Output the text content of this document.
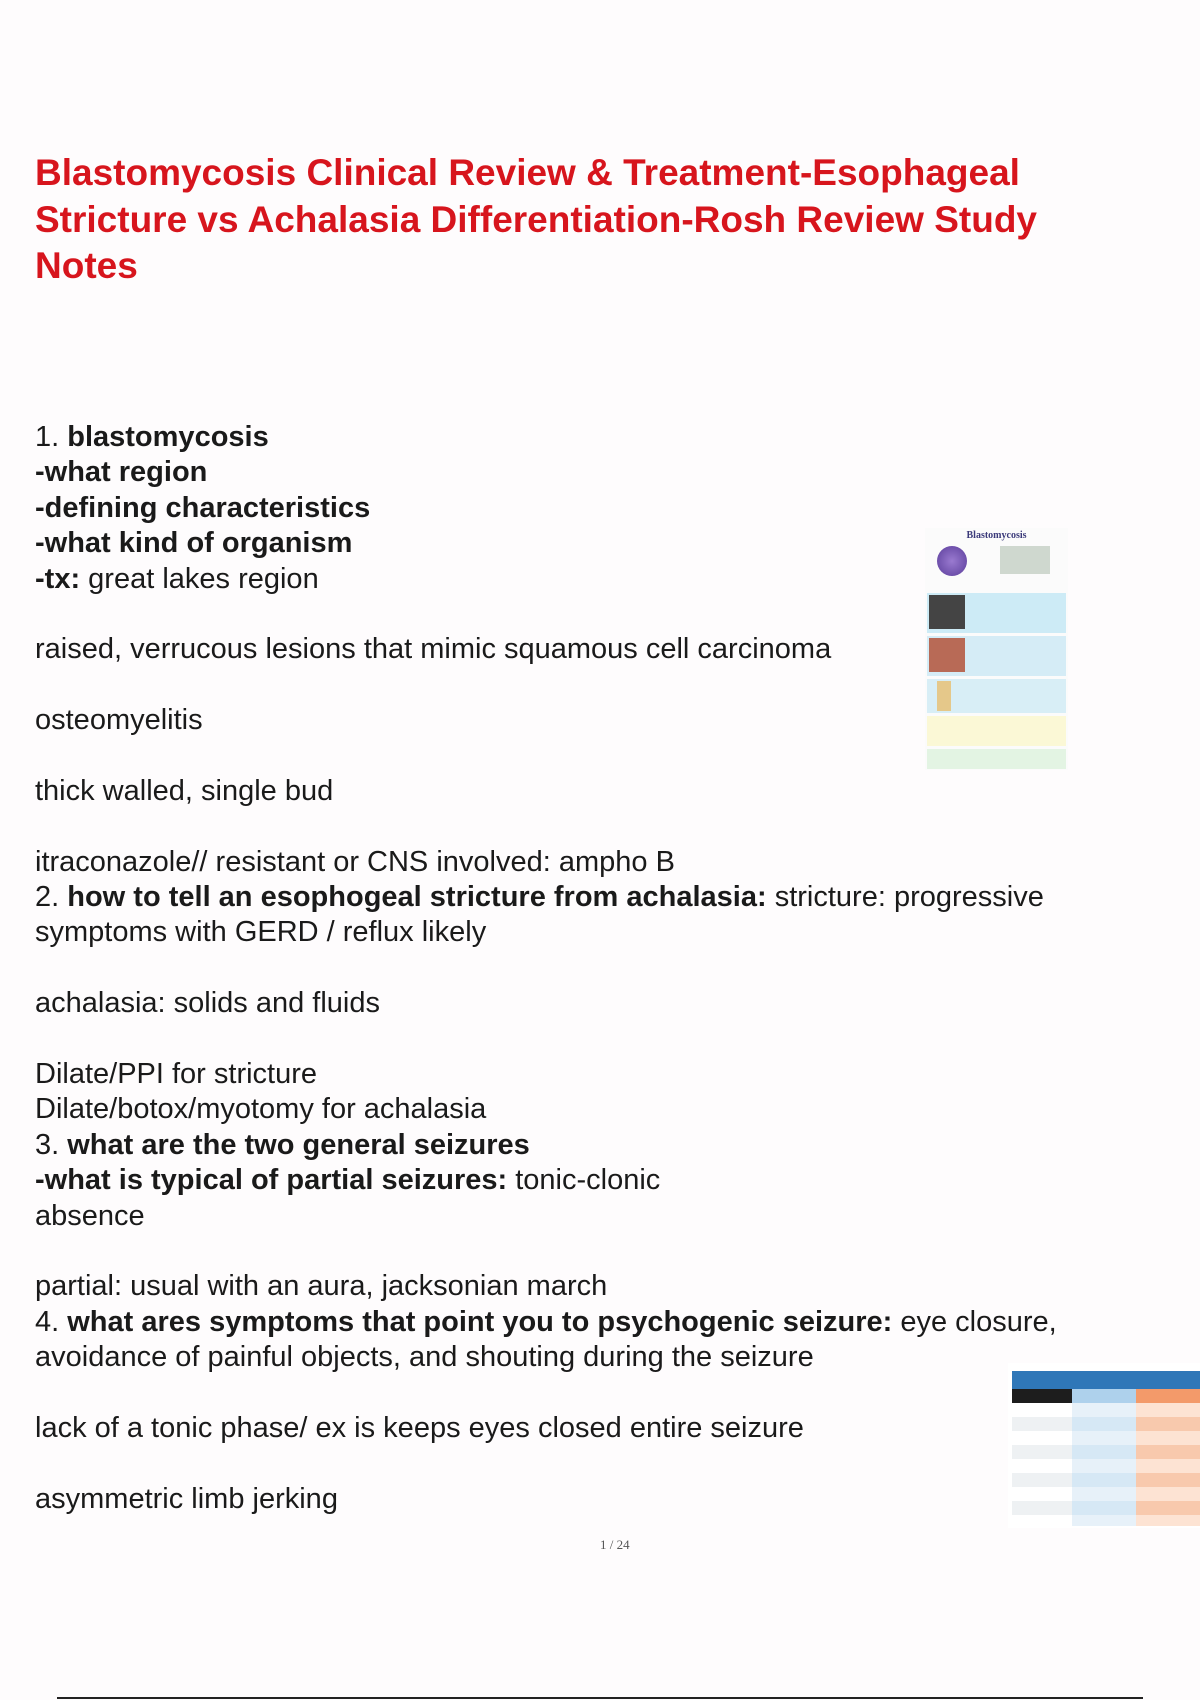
Blastomycosis Clinical Review & Treatment-Esophageal
Stricture vs Achalasia Differentiation-Rosh Review Study
Notes
1. blastomycosis
-what region
-defining characteristics
-what kind of organism
-tx: great lakes region
raised, verrucous lesions that mimic squamous cell carcinoma
osteomyelitis
thick walled, single bud
itraconazole// resistant or CNS involved: ampho B
2. how to tell an esophogeal stricture from achalasia: stricture: progressive
symptoms with GERD / reflux likely
achalasia: solids and fluids
Dilate/PPI for stricture
Dilate/botox/myotomy for achalasia
3. what are the two general seizures
-what is typical of partial seizures: tonic-clonic
absence
partial: usual with an aura, jacksonian march
4. what ares symptoms that point you to psychogenic seizure: eye closure,
avoidance of painful objects, and shouting during the seizure
lack of a tonic phase/ ex is keeps eyes closed entire seizure
asymmetric limb jerking
Blastomycosis
1 / 24
